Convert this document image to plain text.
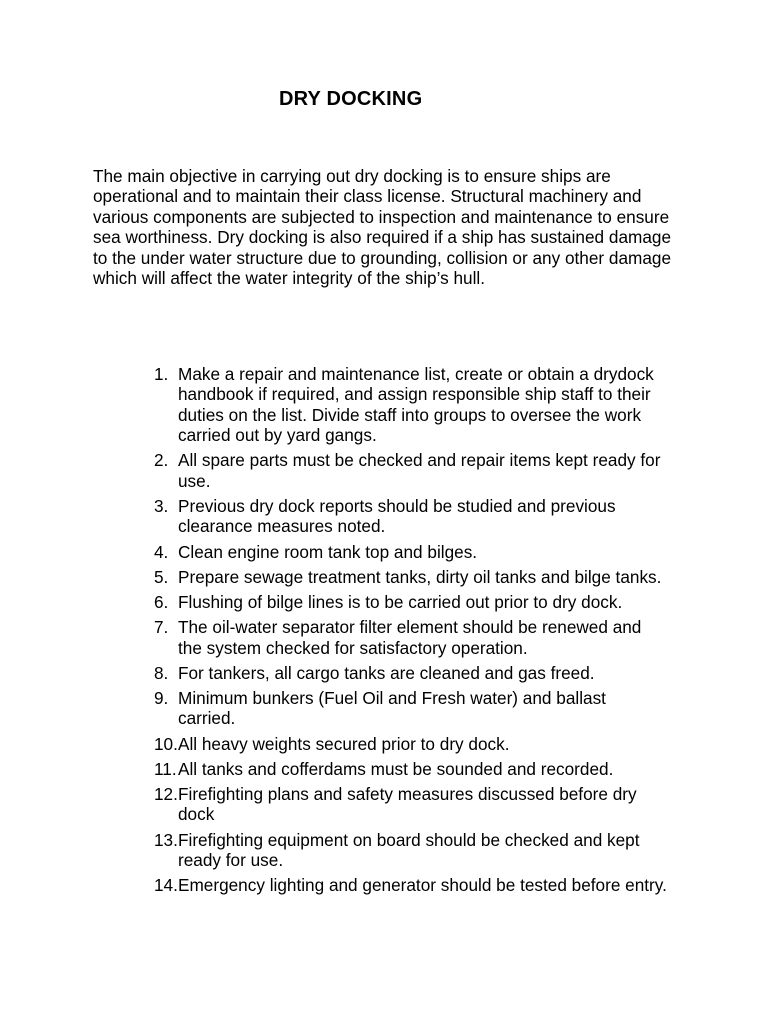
DRY DOCKING

The main objective in carrying out dry docking is to ensure ships are operational and to maintain their class license. Structural machinery and various components are subjected to inspection and maintenance to ensure sea worthiness. Dry docking is also required if a ship has sustained damage to the under water structure due to grounding, collision or any other damage which will affect the water integrity of the ship’s hull.

1. Make a repair and maintenance list, create or obtain a drydock handbook if required, and assign responsible ship staff to their duties on the list. Divide staff into groups to oversee the work carried out by yard gangs.
2. All spare parts must be checked and repair items kept ready for use.
3. Previous dry dock reports should be studied and previous clearance measures noted.
4. Clean engine room tank top and bilges.
5. Prepare sewage treatment tanks, dirty oil tanks and bilge tanks.
6. Flushing of bilge lines is to be carried out prior to dry dock.
7. The oil-water separator filter element should be renewed and the system checked for satisfactory operation.
8. For tankers, all cargo tanks are cleaned and gas freed.
9. Minimum bunkers (Fuel Oil and Fresh water) and ballast carried.
10. All heavy weights secured prior to dry dock.
11. All tanks and cofferdams must be sounded and recorded.
12. Firefighting plans and safety measures discussed before dry dock
13. Firefighting equipment on board should be checked and kept ready for use.
14. Emergency lighting and generator should be tested before entry.
